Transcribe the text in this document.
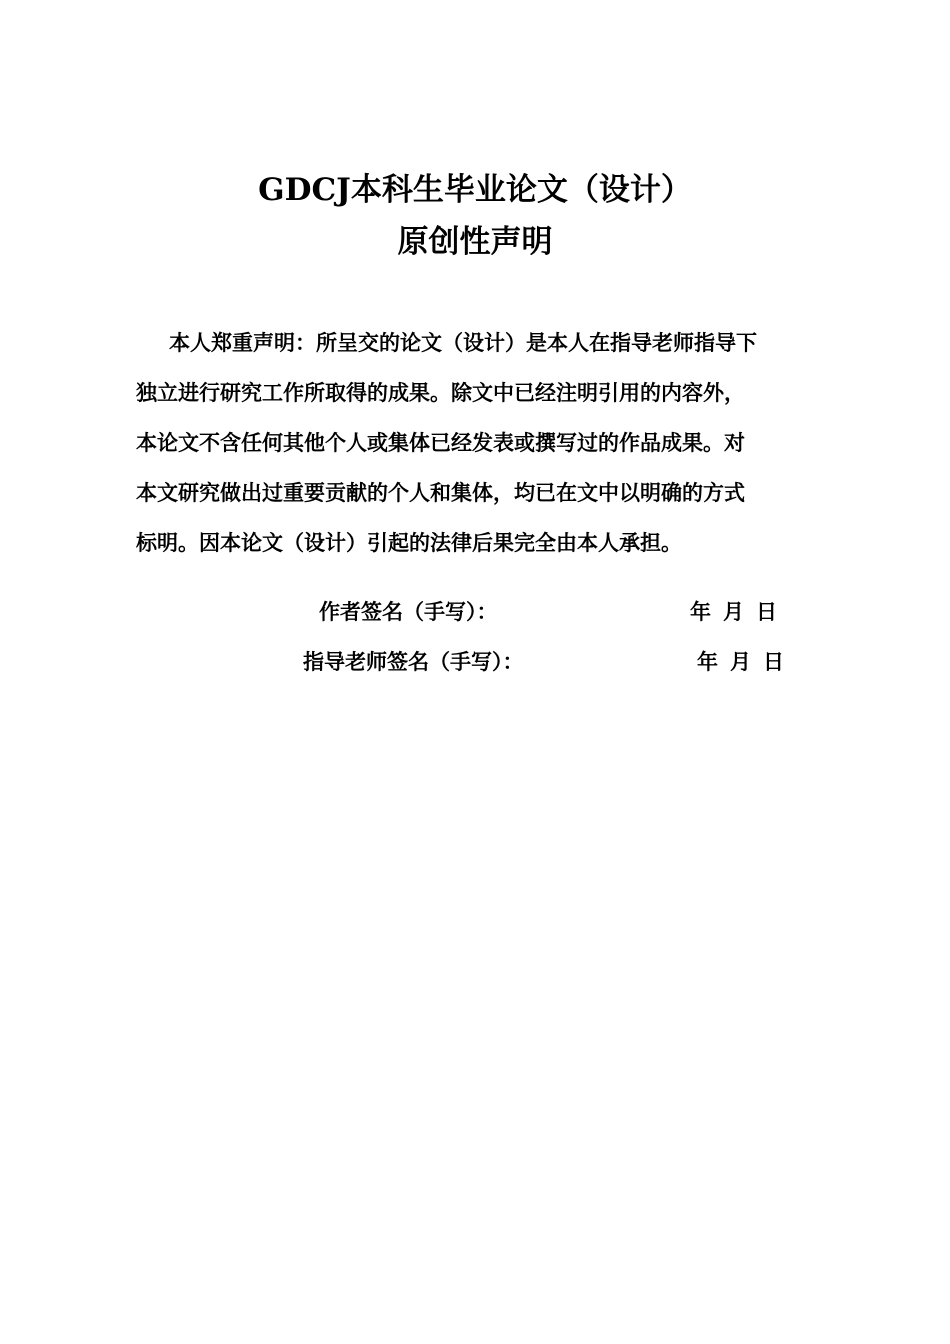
GDCJ本科生毕业论文（设计）
原创性声明
本人郑重声明：所呈交的论文（设计）是本人在指导老师指导下
独立进行研究工作所取得的成果。除文中已经注明引用的内容外，
本论文不含任何其他个人或集体已经发表或撰写过的作品成果。对
本文研究做出过重要贡献的个人和集体，均已在文中以明确的方式
标明。因本论文（设计）引起的法律后果完全由本人承担。
作者签名（手写）：	年 月 日
指导老师签名（手写）：	年 月 日
